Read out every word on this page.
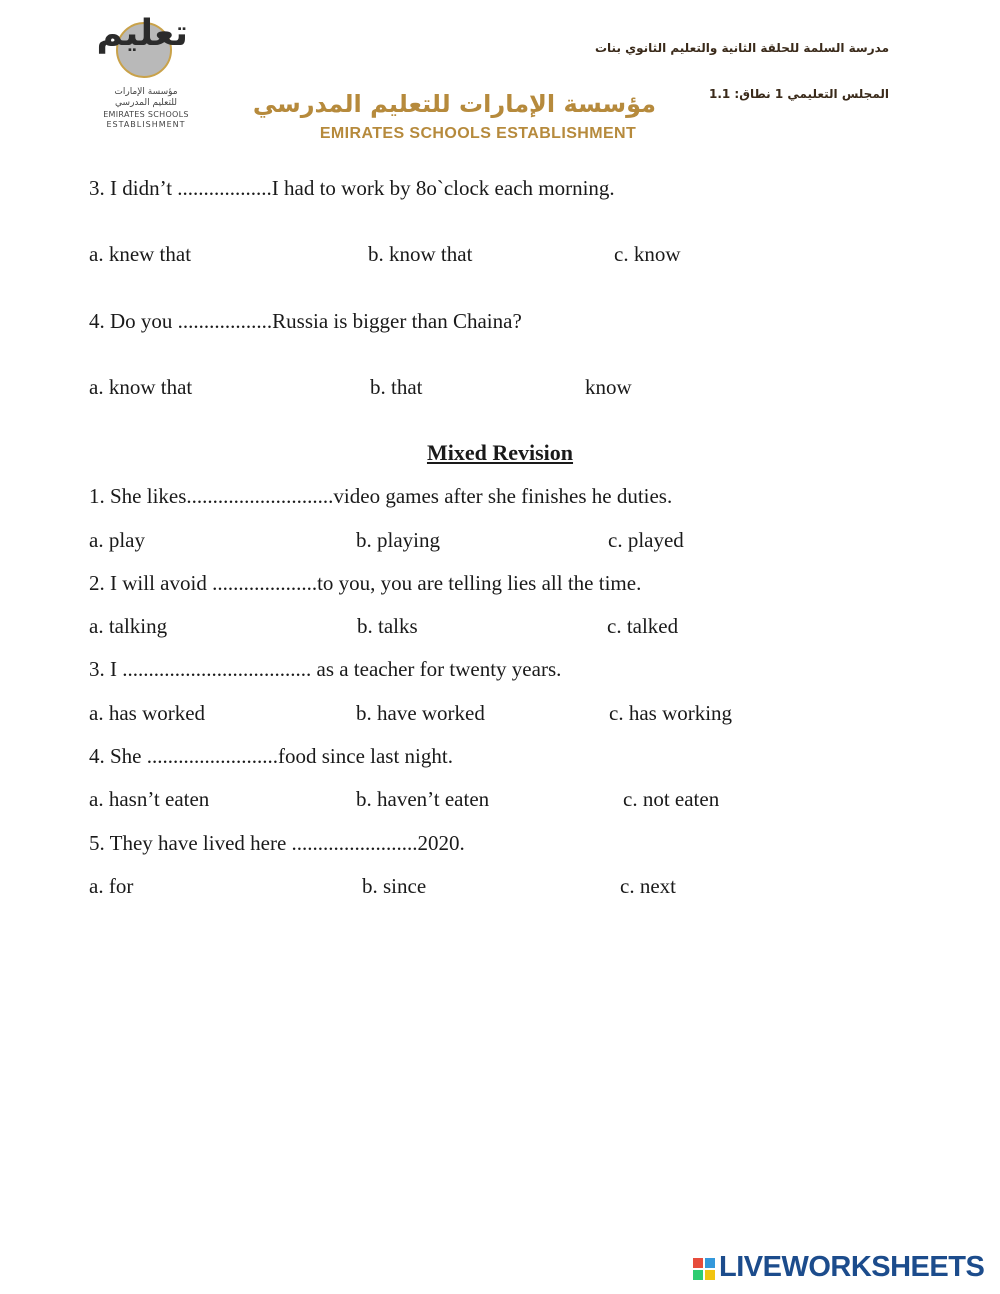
تعليم
مؤسسة الإمارات
للتعليم المدرسي
EMIRATES SCHOOLS
ESTABLISHMENT
مؤسسة الإمارات للتعليم المدرسي
EMIRATES SCHOOLS ESTABLISHMENT
مدرسة السلمة للحلقة الثانية والتعليم الثانوي بنات
المجلس التعليمي 1 نطاق: 1.1
3. I didn’t ..................I had to work by 8o`clock each morning.
a. knew that	b. know that	c. know
4. Do you ..................Russia is bigger than Chaina?
a. know that	b. that	know
Mixed Revision
1. She likes............................video games after she finishes he duties.
a. play	b. playing	c. played
2. I will avoid ....................to you, you are telling lies all the time.
a. talking	b. talks	c. talked
3. I .................................... as a teacher for twenty years.
a. has worked	b. have worked	c. has working
4. She .........................food since last night.
a. hasn’t eaten	b. haven’t eaten	c. not eaten
5. They have lived here ........................2020.
a. for	b. since	c. next
LIVEWORKSHEETS
